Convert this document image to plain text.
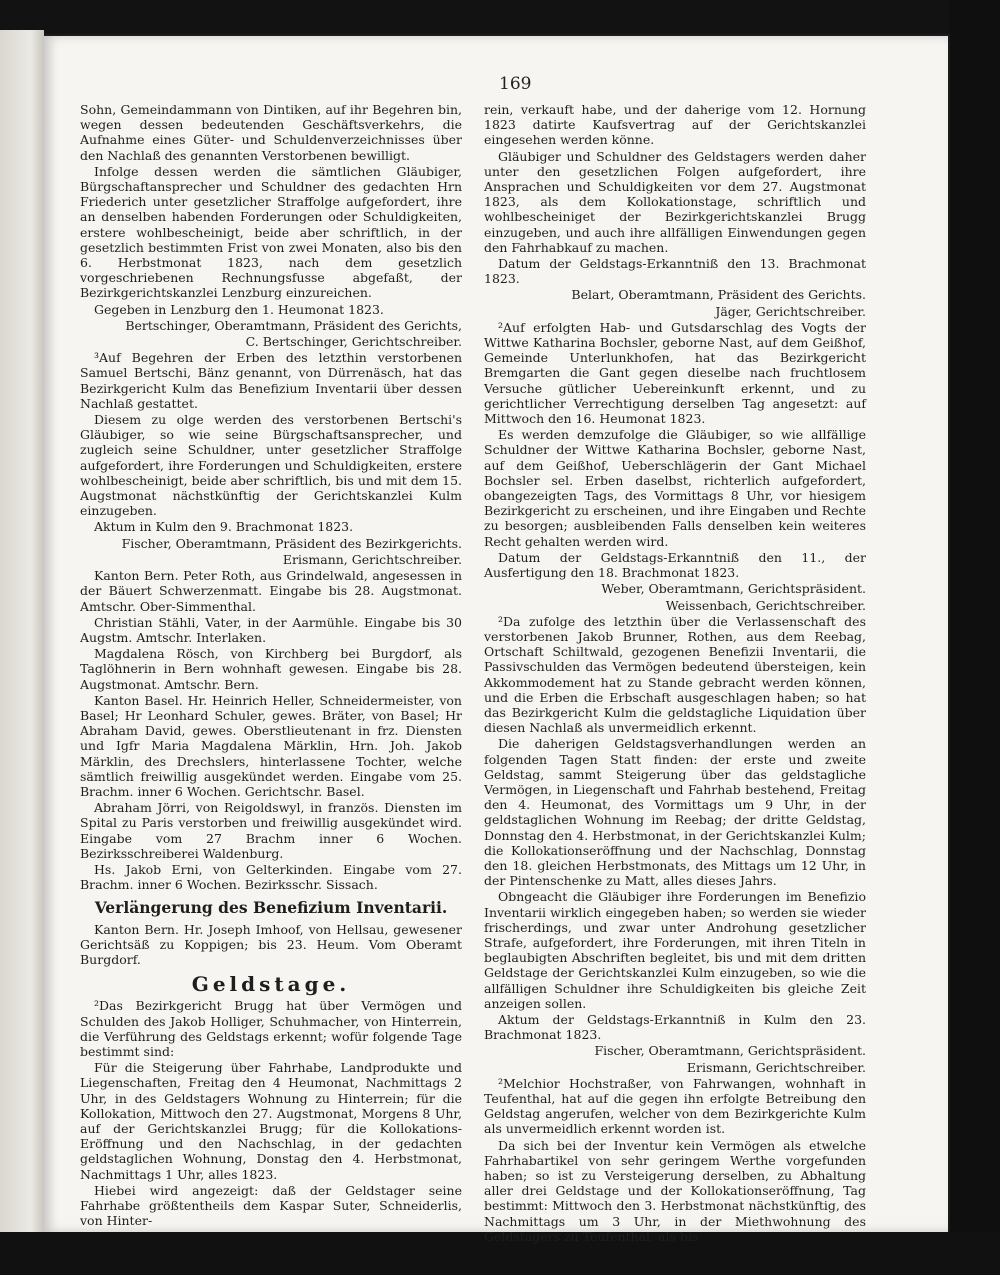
169

Sohn, Gemeindammann von Dintiken, auf ihr Begehren bin, wegen dessen bedeutenden Geschäftsverkehrs, die Aufnahme eines Güter- und Schuldenverzeichnisses über den Nachlaß des genannten Verstorbenen bewilligt.

Infolge dessen werden die sämtlichen Gläubiger, Bürgschaftansprecher und Schuldner des gedachten Hrn Friederich unter gesetzlicher Straffolge aufgefordert, ihre an denselben habenden Forderungen oder Schuldigkeiten, erstere wohlbescheinigt, beide aber schriftlich, in der gesetzlich bestimmten Frist von zwei Monaten, also bis den 6. Herbstmonat 1823, nach dem gesetzlich vorgeschriebenen Rechnungsfusse abgefaßt, der Bezirkgerichtskanzlei Lenzburg einzureichen.

Gegeben in Lenzburg den 1. Heumonat 1823.

Bertschinger, Oberamtmann, Präsident des Gerichts,

C. Bertschinger, Gerichtschreiber.

³Auf Begehren der Erben des letzthin verstorbenen Samuel Bertschi, Bänz genannt, von Dürrenäsch, hat das Bezirkgericht Kulm das Benefizium Inventarii über dessen Nachlaß gestattet.

Diesem zu olge werden des verstorbenen Bertschi's Gläubiger, so wie seine Bürgschaftsansprecher, und zugleich seine Schuldner, unter gesetzlicher Straffolge aufgefordert, ihre Forderungen und Schuldigkeiten, erstere wohlbescheinigt, beide aber schriftlich, bis und mit dem 15. Augstmonat nächstkünftig der Gerichtskanzlei Kulm einzugeben.

Aktum in Kulm den 9. Brachmonat 1823.

Fischer, Oberamtmann, Präsident des Bezirkgerichts.

Erismann, Gerichtschreiber.

Kanton Bern. Peter Roth, aus Grindelwald, angesessen in der Bäuert Schwerzenmatt. Eingabe bis 28. Augstmonat. Amtschr. Ober-Simmenthal.

Christian Stähli, Vater, in der Aarmühle. Eingabe bis 30 Augstm. Amtschr. Interlaken.

Magdalena Rösch, von Kirchberg bei Burgdorf, als Taglöhnerin in Bern wohnhaft gewesen. Eingabe bis 28. Augstmonat. Amtschr. Bern.

Kanton Basel. Hr. Heinrich Heller, Schneidermeister, von Basel; Hr Leonhard Schuler, gewes. Bräter, von Basel; Hr Abraham David, gewes. Oberstlieutenant in frz. Diensten und Igfr Maria Magdalena Märklin, Hrn. Joh. Jakob Märklin, des Drechslers, hinterlassene Tochter, welche sämtlich freiwillig ausgekündet werden. Eingabe vom 25. Brachm. inner 6 Wochen. Gerichtschr. Basel.

Abraham Jörri, von Reigoldswyl, in französ. Diensten im Spital zu Paris verstorben und freiwillig ausgekündet wird. Eingabe vom 27 Brachm inner 6 Wochen. Bezirksschreiberei Waldenburg.

Hs. Jakob Erni, von Gelterkinden. Eingabe vom 27. Brachm. inner 6 Wochen. Bezirksschr. Sissach.

Verlängerung des Benefizium Inventarii.

Kanton Bern. Hr. Joseph Imhoof, von Hellsau, gewesener Gerichtsäß zu Koppigen; bis 23. Heum. Vom Oberamt Burgdorf.

Geldstage.

²Das Bezirkgericht Brugg hat über Vermögen und Schulden des Jakob Holliger, Schuhmacher, von Hinterrein, die Verführung des Geldstags erkennt; wofür folgende Tage bestimmt sind:

Für die Steigerung über Fahrhabe, Landprodukte und Liegenschaften, Freitag den 4 Heumonat, Nachmittags 2 Uhr, in des Geldstagers Wohnung zu Hinterrein; für die Kollokation, Mittwoch den 27. Augstmonat, Morgens 8 Uhr, auf der Gerichtskanzlei Brugg; für die Kollokations-Eröffnung und den Nachschlag, in der gedachten geldstaglichen Wohnung, Donstag den 4. Herbstmonat, Nachmittags 1 Uhr, alles 1823.

Hiebei wird angezeigt: daß der Geldstager seine Fahrhabe größtentheils dem Kaspar Suter, Schneiderlis, von Hinter-

rein, verkauft habe, und der daherige vom 12. Hornung 1823 datirte Kaufsvertrag auf der Gerichtskanzlei eingesehen werden könne.

Gläubiger und Schuldner des Geldstagers werden daher unter den gesetzlichen Folgen aufgefordert, ihre Ansprachen und Schuldigkeiten vor dem 27. Augstmonat 1823, als dem Kollokationstage, schriftlich und wohlbescheiniget der Bezirkgerichtskanzlei Brugg einzugeben, und auch ihre allfälligen Einwendungen gegen den Fahrhabkauf zu machen.

Datum der Geldstags-Erkanntniß den 13. Brachmonat 1823.

Belart, Oberamtmann, Präsident des Gerichts.

Jäger, Gerichtschreiber.

²Auf erfolgten Hab- und Gutsdarschlag des Vogts der Wittwe Katharina Bochsler, geborne Nast, auf dem Geißhof, Gemeinde Unterlunkhofen, hat das Bezirkgericht Bremgarten die Gant gegen dieselbe nach fruchtlosem Versuche gütlicher Uebereinkunft erkennt, und zu gerichtlicher Verrechtigung derselben Tag angesetzt: auf Mittwoch den 16. Heumonat 1823.

Es werden demzufolge die Gläubiger, so wie allfällige Schuldner der Wittwe Katharina Bochsler, geborne Nast, auf dem Geißhof, Ueberschlägerin der Gant Michael Bochsler sel. Erben daselbst, richterlich aufgefordert, obangezeigten Tags, des Vormittags 8 Uhr, vor hiesigem Bezirkgericht zu erscheinen, und ihre Eingaben und Rechte zu besorgen; ausbleibenden Falls denselben kein weiteres Recht gehalten werden wird.

Datum der Geldstags-Erkanntniß den 11., der Ausfertigung den 18. Brachmonat 1823.

Weber, Oberamtmann, Gerichtspräsident.

Weissenbach, Gerichtschreiber.

²Da zufolge des letzthin über die Verlassenschaft des verstorbenen Jakob Brunner, Rothen, aus dem Reebag, Ortschaft Schiltwald, gezogenen Benefizii Inventarii, die Passivschulden das Vermögen bedeutend übersteigen, kein Akkommodement hat zu Stande gebracht werden können, und die Erben die Erbschaft ausgeschlagen haben; so hat das Bezirkgericht Kulm die geldstagliche Liquidation über diesen Nachlaß als unvermeidlich erkennt.

Die daherigen Geldstagsverhandlungen werden an folgenden Tagen Statt finden: der erste und zweite Geldstag, sammt Steigerung über das geldstagliche Vermögen, in Liegenschaft und Fahrhab bestehend, Freitag den 4. Heumonat, des Vormittags um 9 Uhr, in der geldstaglichen Wohnung im Reebag; der dritte Geldstag, Donnstag den 4. Herbstmonat, in der Gerichtskanzlei Kulm; die Kollokationseröffnung und der Nachschlag, Donnstag den 18. gleichen Herbstmonats, des Mittags um 12 Uhr, in der Pintenschenke zu Matt, alles dieses Jahrs.

Obngeacht die Gläubiger ihre Forderungen im Benefizio Inventarii wirklich eingegeben haben; so werden sie wieder frischerdings, und zwar unter Androhung gesetzlicher Strafe, aufgefordert, ihre Forderungen, mit ihren Titeln in beglaubigten Abschriften begleitet, bis und mit dem dritten Geldstage der Gerichtskanzlei Kulm einzugeben, so wie die allfälligen Schuldner ihre Schuldigkeiten bis gleiche Zeit anzeigen sollen.

Aktum der Geldstags-Erkanntniß in Kulm den 23. Brachmonat 1823.

Fischer, Oberamtmann, Gerichtspräsident.

Erismann, Gerichtschreiber.

²Melchior Hochstraßer, von Fahrwangen, wohnhaft in Teufenthal, hat auf die gegen ihn erfolgte Betreibung den Geldstag angerufen, welcher von dem Bezirkgerichte Kulm als unvermeidlich erkennt worden ist.

Da sich bei der Inventur kein Vermögen als etwelche Fahrhabartikel von sehr geringem Werthe vorgefunden haben; so ist zu Versteigerung derselben, zu Abhaltung aller drei Geldstage und der Kollokationseröffnung, Tag bestimmt: Mittwoch den 3. Herbstmonat nächstkünftig, des Nachmittags um 3 Uhr, in der Miethwohnung des Geldstagers zu Teufenthal, als bis
